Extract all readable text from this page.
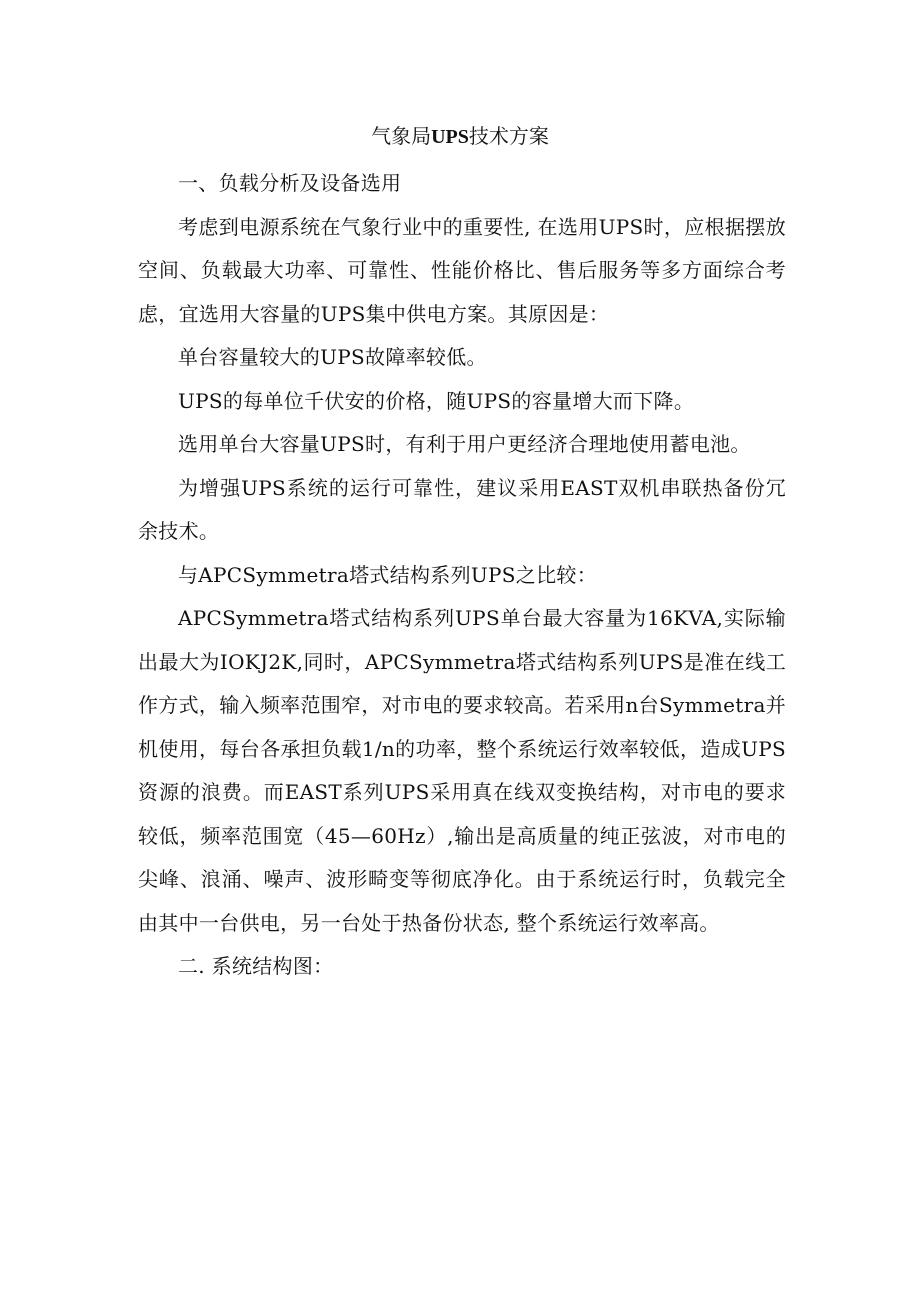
气象局UPS技术方案

一、负载分析及设备选用

考虑到电源系统在气象行业中的重要性, 在选用UPS时，应根据摆放空间、负载最大功率、可靠性、性能价格比、售后服务等多方面综合考虑，宜选用大容量的UPS集中供电方案。其原因是：

单台容量较大的UPS故障率较低。

UPS的每单位千伏安的价格，随UPS的容量增大而下降。

选用单台大容量UPS时，有利于用户更经济合理地使用蓄电池。

为增强UPS系统的运行可靠性，建议采用EAST双机串联热备份冗余技术。

与APCSymmetra塔式结构系列UPS之比较：

APCSymmetra塔式结构系列UPS单台最大容量为16KVA,实际输出最大为IOKJ2K,同时，APCSymmetra塔式结构系列UPS是准在线工作方式，输入频率范围窄，对市电的要求较高。若采用n台Symmetra并机使用，每台各承担负载1/n的功率，整个系统运行效率较低，造成UPS资源的浪费。而EAST系列UPS采用真在线双变换结构，对市电的要求较低，频率范围宽（45—60Hz）,输出是高质量的纯正弦波，对市电的尖峰、浪涌、噪声、波形畸变等彻底净化。由于系统运行时，负载完全由其中一台供电，另一台处于热备份状态, 整个系统运行效率高。

二. 系统结构图：
